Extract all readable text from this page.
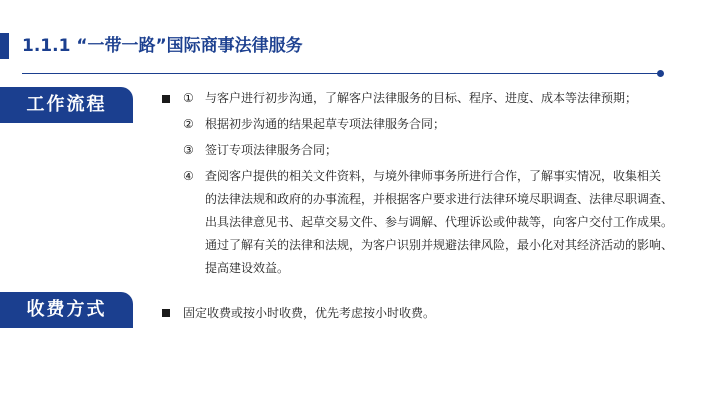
1.1.1 “一带一路”国际商事法律服务
工作流程	① 与客户进行初步沟通，了解客户法律服务的目标、程序、进度、成本等法律预期；
② 根据初步沟通的结果起草专项法律服务合同；
③ 签订专项法律服务合同；
④ 查阅客户提供的相关文件资料，与境外律师事务所进行合作，了解事实情况，收集相关
的法律法规和政府的办事流程，并根据客户要求进行法律环境尽职调查、法律尽职调查、
出具法律意见书、起草交易文件、参与调解、代理诉讼或仲裁等，向客户交付工作成果。
通过了解有关的法律和法规，为客户识别并规避法律风险，最小化对其经济活动的影响、
提高建设效益。
收费方式	固定收费或按小时收费，优先考虑按小时收费。
